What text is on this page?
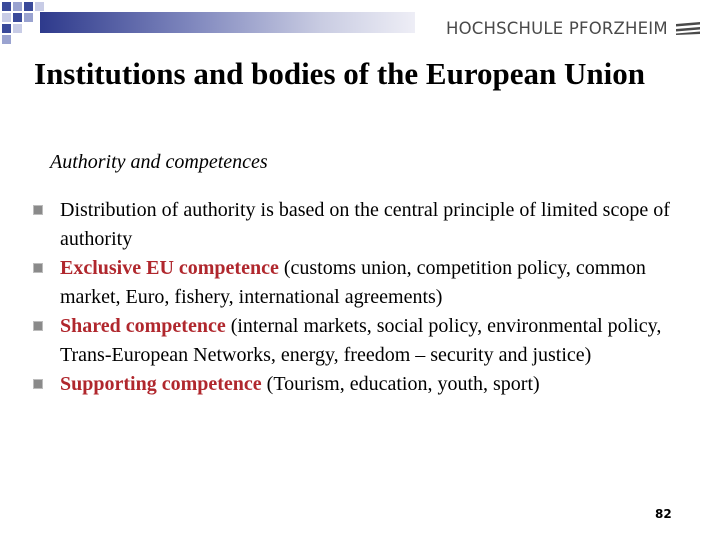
HOCHSCHULE PFORZHEIM
Institutions and bodies of the European Union

Authority and competences

Distribution of authority is based on the central principle of limited scope of authority
Exclusive EU competence (customs union, competition policy, common market, Euro, fishery, international agreements)
Shared competence (internal markets, social policy, environmental policy, Trans-European Networks, energy, freedom – security and justice)
Supporting competence (Tourism, education, youth, sport)
82
